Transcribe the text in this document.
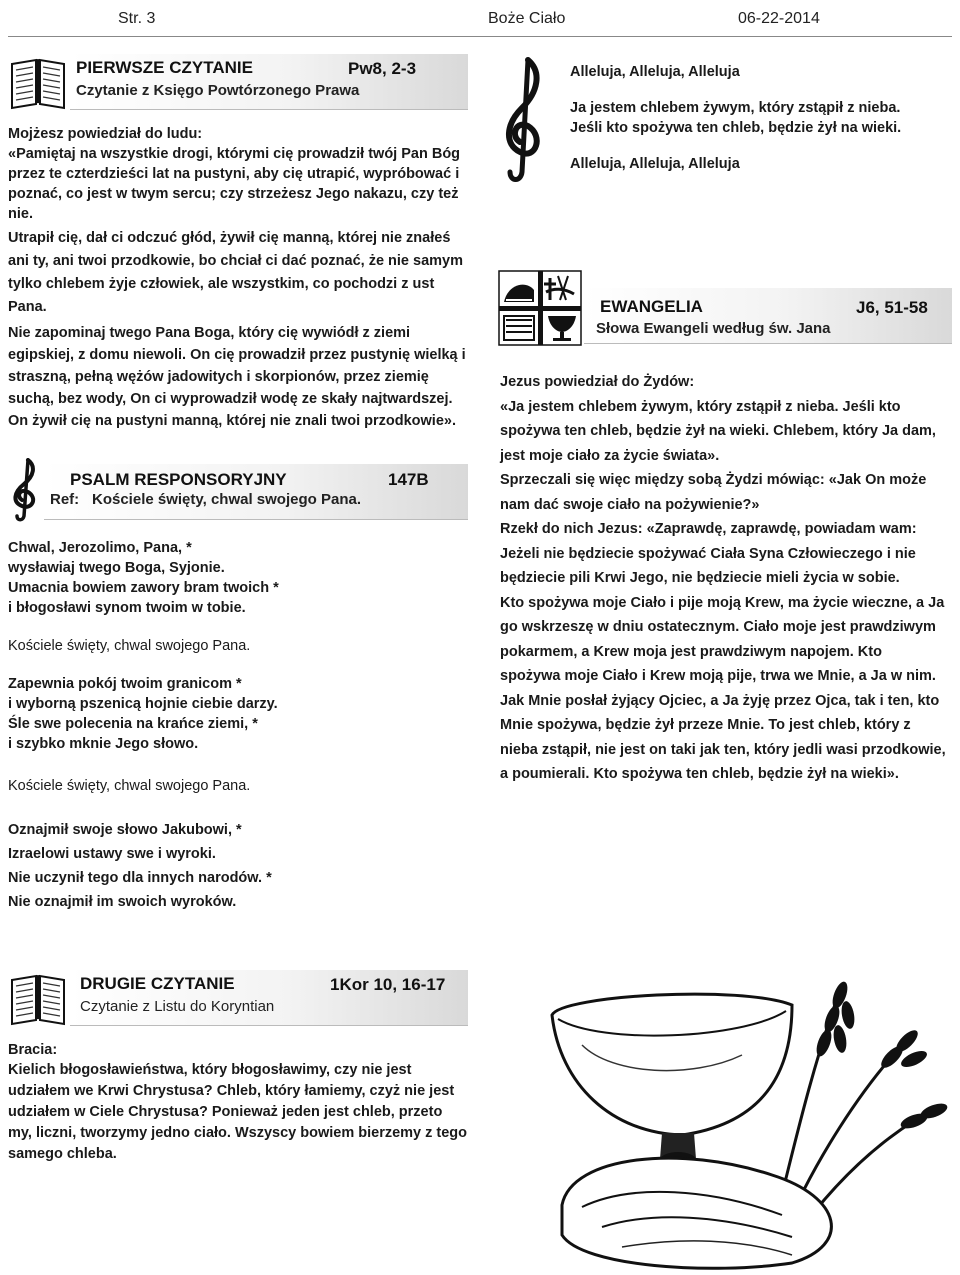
Str. 3	Boże Ciało	06-22-2014
PIERWSZE CZYTANIE	Pw8, 2-3
Czytanie z Księgo Powtórzonego Prawa

Mojżesz powiedział do ludu:

«Pamiętaj na wszystkie drogi, którymi cię prowadził twój Pan Bóg przez te czterdzieści lat na pustyni, aby cię utrapić, wypróbować i poznać, co jest w twym sercu; czy strzeżesz Jego nakazu, czy też nie.

Utrapił cię, dał ci odczuć głód, żywił cię manną, której nie znałeś ani ty, ani twoi przodkowie, bo chciał ci dać poznać, że nie samym tylko chlebem żyje człowiek, ale wszystkim, co pochodzi z ust Pana.

Nie zapominaj twego Pana Boga, który cię wywiódł z ziemi egipskiej, z domu niewoli. On cię prowadził przez pustynię wielką i straszną, pełną wężów jadowitych i skorpionów, przez ziemię suchą, bez wody, On ci wyprowadził wodę ze skały najtwardszej. On żywił cię na pustyni manną, której nie znali twoi przodkowie».

PSALM RESPONSORYJNY	147B
Ref: Kościele święty, chwal swojego Pana.
Chwal, Jerozolimo, Pana, *
wysławiaj twego Boga, Syjonie.
Umacnia bowiem zawory bram twoich *
i błogosławi synom twoim w tobie.
Kościele święty, chwal swojego Pana.
Zapewnia pokój twoim granicom *
i wyborną pszenicą hojnie ciebie darzy.
Śle swe polecenia na krańce ziemi, *
i szybko mknie Jego słowo.
Kościele święty, chwal swojego Pana.
Oznajmił swoje słowo Jakubowi, *
Izraelowi ustawy swe i wyroki.
Nie uczynił tego dla innych narodów. *
Nie oznajmił im swoich wyroków.
DRUGIE CZYTANIE	1Kor 10, 16-17
Czytanie z Listu do Koryntian

Bracia:

Kielich błogosławieństwa, który błogosławimy, czy nie jest udziałem we Krwi Chrystusa? Chleb, który łamiemy, czyż nie jest udziałem w Ciele Chrystusa? Ponieważ jeden jest chleb, przeto my, liczni, tworzymy jedno ciało. Wszyscy bowiem bierzemy z tego samego chleba.

Alleluja, Alleluja, Alleluja
Ja jestem chlebem żywym, który zstąpił z nieba.
Jeśli kto spożywa ten chleb, będzie żył na wieki.
Alleluja, Alleluja, Alleluja
EWANGELIA	J6, 51-58
Słowa Ewangeli według św. Jana

Jezus powiedział do Żydów:

«Ja jestem chlebem żywym, który zstąpił z nieba. Jeśli kto spożywa ten chleb, będzie żył na wieki. Chlebem, który Ja dam, jest moje ciało za życie świata».

Sprzeczali się więc między sobą Żydzi mówiąc: «Jak On może nam dać swoje ciało na pożywienie?»

Rzekł do nich Jezus: «Zaprawdę, zaprawdę, powiadam wam: Jeżeli nie będziecie spożywać Ciała Syna Człowieczego i nie będziecie pili Krwi Jego, nie będziecie mieli życia w sobie.

Kto spożywa moje Ciało i pije moją Krew, ma życie wieczne, a Ja go wskrzeszę w dniu ostatecznym. Ciało moje jest prawdziwym pokarmem, a Krew moja jest prawdziwym napojem. Kto spożywa moje Ciało i Krew moją pije, trwa we Mnie, a Ja w nim. Jak Mnie posłał żyjący Ojciec, a Ja żyję przez Ojca, tak i ten, kto Mnie spożywa, będzie żył przeze Mnie. To jest chleb, który z nieba zstąpił, nie jest on taki jak ten, który jedli wasi przodkowie, a poumierali. Kto spożywa ten chleb, będzie żył na wieki».
